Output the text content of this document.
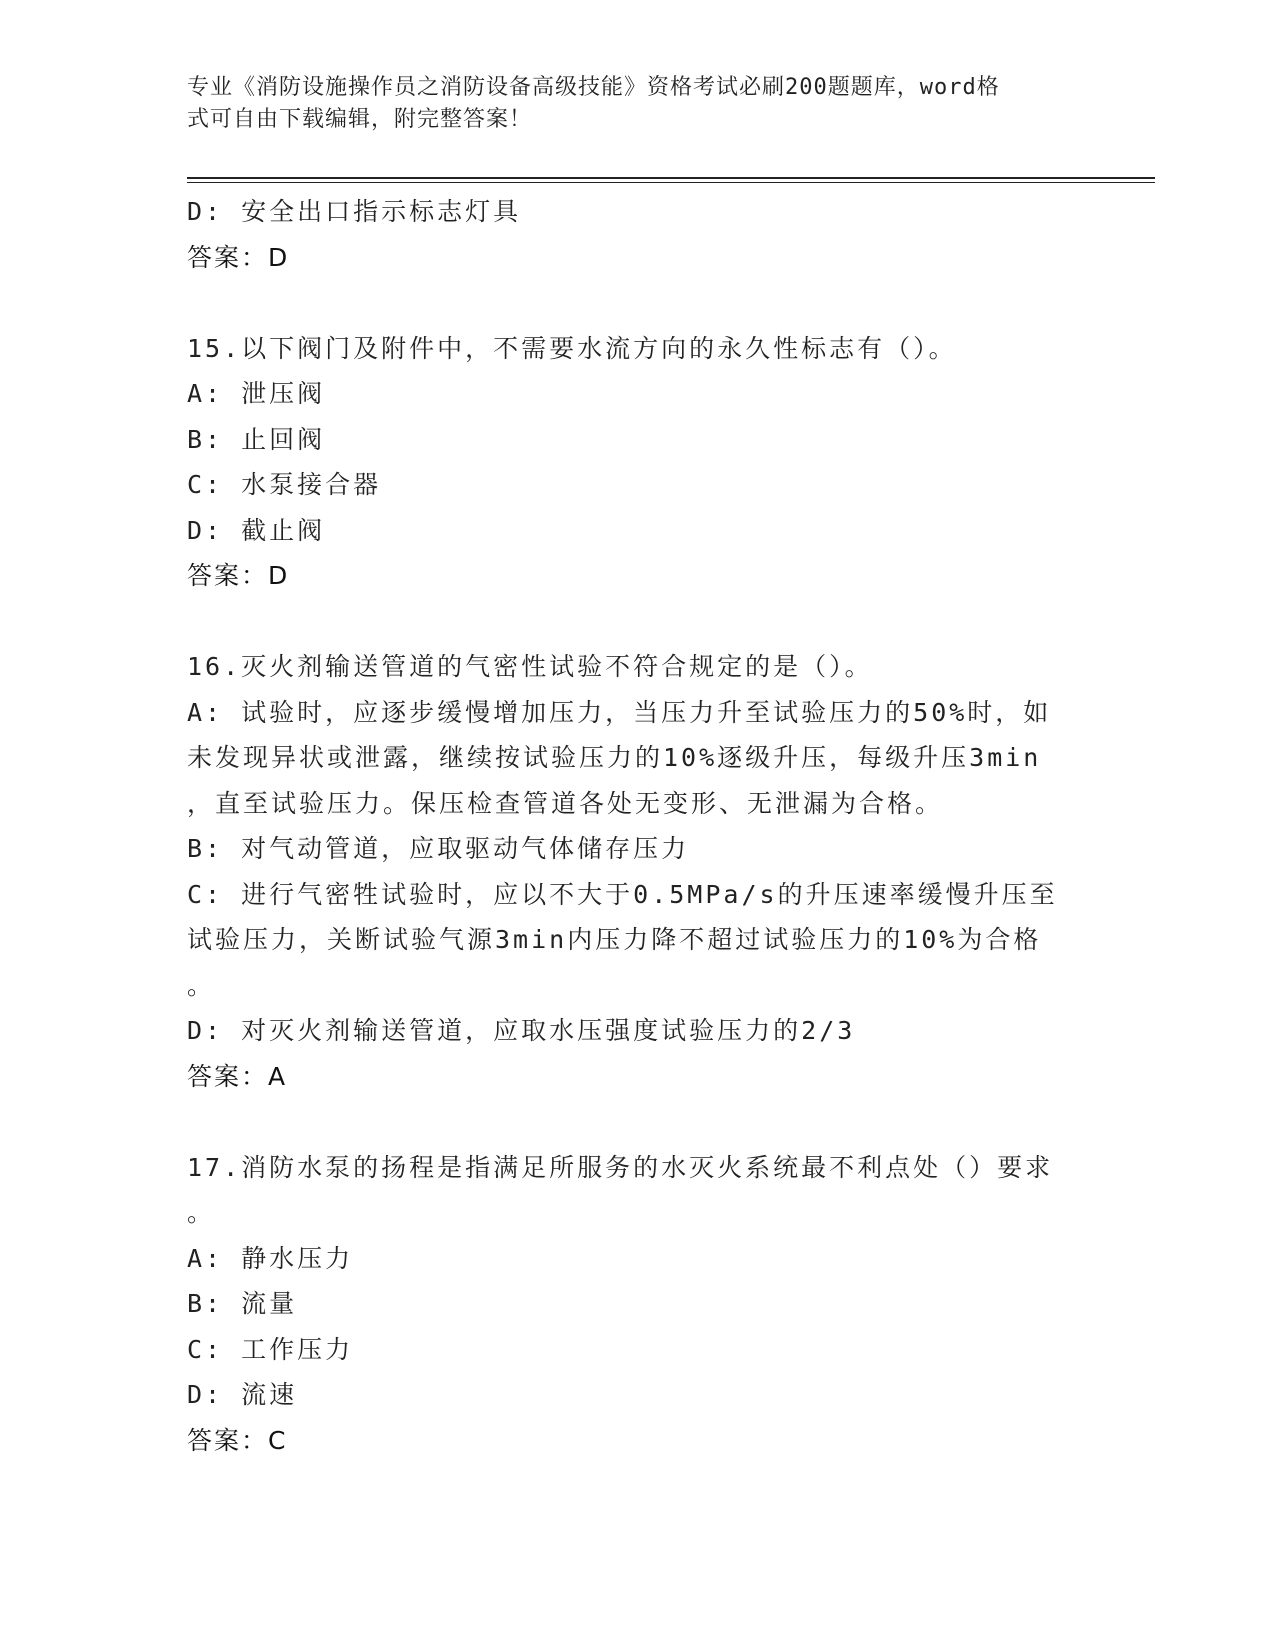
专业《消防设施操作员之消防设备高级技能》资格考试必刷200题题库，word格
式可自由下载编辑，附完整答案！
D: 安全出口指示标志灯具
答案：D
15.以下阀门及附件中，不需要水流方向的永久性标志有（）。
A: 泄压阀
B: 止回阀
C: 水泵接合器
D: 截止阀
答案：D
16.灭火剂输送管道的气密性试验不符合规定的是（）。
A: 试验时，应逐步缓慢增加压力，当压力升至试验压力的50%时，如
未发现异状或泄露，继续按试验压力的10%逐级升压，每级升压3min
，直至试验压力。保压检查管道各处无变形、无泄漏为合格。
B: 对气动管道，应取驱动气体储存压力
C: 进行气密牲试验时，应以不大于0.5MPa/s的升压速率缓慢升压至
试验压力，关断试验气源3min内压力降不超过试验压力的10%为合格
。
D: 对灭火剂输送管道，应取水压强度试验压力的2/3
答案：A
17.消防水泵的扬程是指满足所服务的水灭火系统最不利点处（）要求
。
A: 静水压力
B: 流量
C: 工作压力
D: 流速
答案：C
